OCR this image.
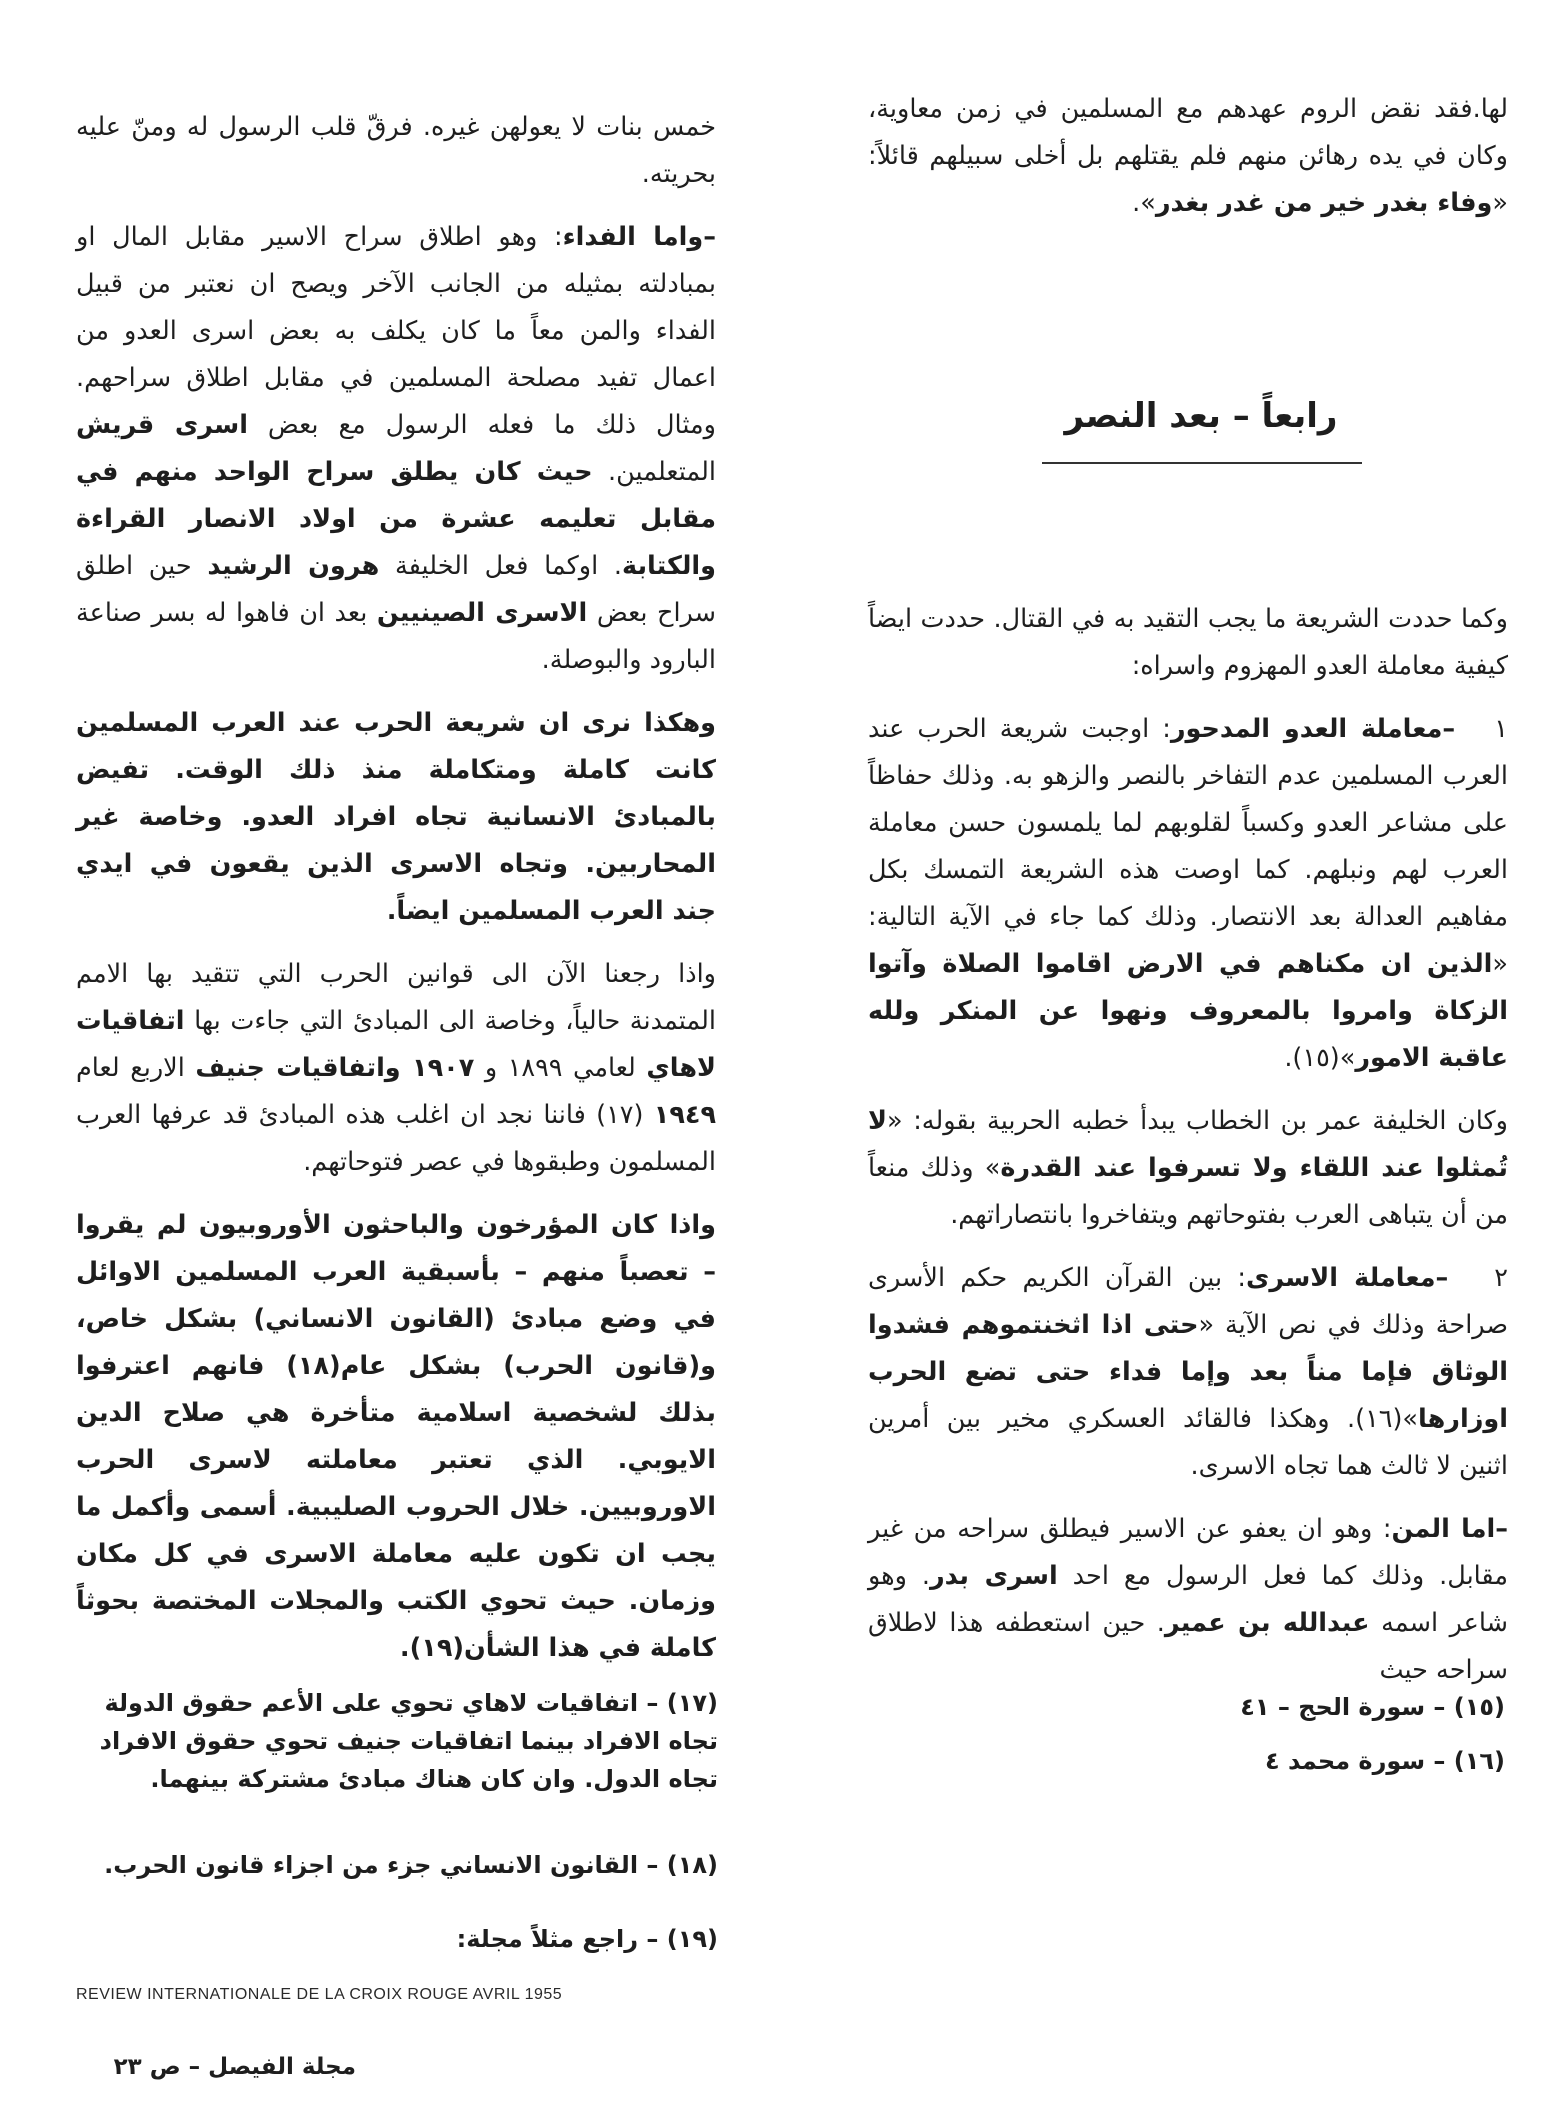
لها.فقد نقض الروم عهدهم مع المسلمين في زمن معاوية، وكان في يده رهائن منهم فلم يقتلهم بل أخلى سبيلهم قائلاً: «وفاء بغدر خير من غدر بغدر».

رابعاً – بعد النصر

وكما حددت الشريعة ما يجب التقيد به في القتال. حددت ايضاً كيفية معاملة العدو المهزوم واسراه:

١   –معاملة العدو المدحور: اوجبت شريعة الحرب عند العرب المسلمين عدم التفاخر بالنصر والزهو به. وذلك حفاظاً على مشاعر العدو وكسباً لقلوبهم لما يلمسون حسن معاملة العرب لهم ونبلهم. كما اوصت هذه الشريعة التمسك بكل مفاهيم العدالة بعد الانتصار. وذلك كما جاء في الآية التالية: «الذين ان مكناهم في الارض اقاموا الصلاة وآتوا الزكاة وامروا بالمعروف ونهوا عن المنكر ولله عاقبة الامور»(١٥).

وكان الخليفة عمر بن الخطاب يبدأ خطبه الحربية بقوله: «لا تُمثلوا عند اللقاء ولا تسرفوا عند القدرة» وذلك منعاً من أن يتباهى العرب بفتوحاتهم ويتفاخروا بانتصاراتهم.

٢   –معاملة الاسرى: بين القرآن الكريم حكم الأسرى صراحة وذلك في نص الآية «حتى اذا اثخنتموهم فشدوا الوثاق فإما مناً بعد وإما فداء حتى تضع الحرب اوزارها»(١٦). وهكذا فالقائد العسكري مخير بين أمرين اثنين لا ثالث هما تجاه الاسرى.

–اما المن: وهو ان يعفو عن الاسير فيطلق سراحه من غير مقابل. وذلك كما فعل الرسول مع احد اسرى بدر. وهو شاعر اسمه عبدالله بن عمير. حين استعطفه هذا لاطلاق سراحه حيث

خمس بنات لا يعولهن غيره. فرقّ قلب الرسول له ومنّ عليه بحريته.

–واما الفداء: وهو اطلاق سراح الاسير مقابل المال او بمبادلته بمثيله من الجانب الآخر ويصح ان نعتبر من قبيل الفداء والمن معاً ما كان يكلف به بعض اسرى العدو من اعمال تفيد مصلحة المسلمين في مقابل اطلاق سراحهم. ومثال ذلك ما فعله الرسول مع بعض اسرى قريش المتعلمين. حيث كان يطلق سراح الواحد منهم في مقابل تعليمه عشرة من اولاد الانصار القراءة والكتابة. اوكما فعل الخليفة هرون الرشيد حين اطلق سراح بعض الاسرى الصينيين بعد ان فاهوا له بسر صناعة البارود والبوصلة.

وهكذا نرى ان شريعة الحرب عند العرب المسلمين كانت كاملة ومتكاملة منذ ذلك الوقت. تفيض بالمبادئ الانسانية تجاه افراد العدو. وخاصة غير المحاربين. وتجاه الاسرى الذين يقعون في ايدي جند العرب المسلمين ايضاً.

واذا رجعنا الآن الى قوانين الحرب التي تتقيد بها الامم المتمدنة حالياً، وخاصة الى المبادئ التي جاءت بها اتفاقيات لاهاي لعامي ١٨٩٩ و ١٩٠٧ واتفاقيات جنيف الاربع لعام ١٩٤٩ (١٧) فاننا نجد ان اغلب هذه المبادئ قد عرفها العرب المسلمون وطبقوها في عصر فتوحاتهم.

واذا كان المؤرخون والباحثون الأوروبيون لم يقروا – تعصباً منهم – بأسبقية العرب المسلمين الاوائل في وضع مبادئ (القانون الانساني) بشكل خاص، و(قانون الحرب) بشكل عام(١٨) فانهم اعترفوا بذلك لشخصية اسلامية متأخرة هي صلاح الدين الايوبي. الذي تعتبر معاملته لاسرى الحرب الاوروبيين. خلال الحروب الصليبية. أسمى وأكمل ما يجب ان تكون عليه معاملة الاسرى في كل مكان وزمان. حيث تحوي الكتب والمجلات المختصة بحوثاً كاملة في هذا الشأن(١٩).

(١٥) – سورة الحج – ٤١
(١٦) – سورة محمد ٤
(١٧) – اتفاقيات لاهاي تحوي على الأعم حقوق الدولة تجاه الافراد بينما اتفاقيات جنيف تحوي حقوق الافراد تجاه الدول. وان كان هناك مبادئ مشتركة بينهما.
(١٨) – القانون الانساني جزء من اجزاء قانون الحرب.
(١٩) – راجع مثلاً مجلة:
REVIEW INTERNATIONALE DE LA CROIX ROUGE AVRIL 1955
مجلة الفيصل – ص ٢٣
